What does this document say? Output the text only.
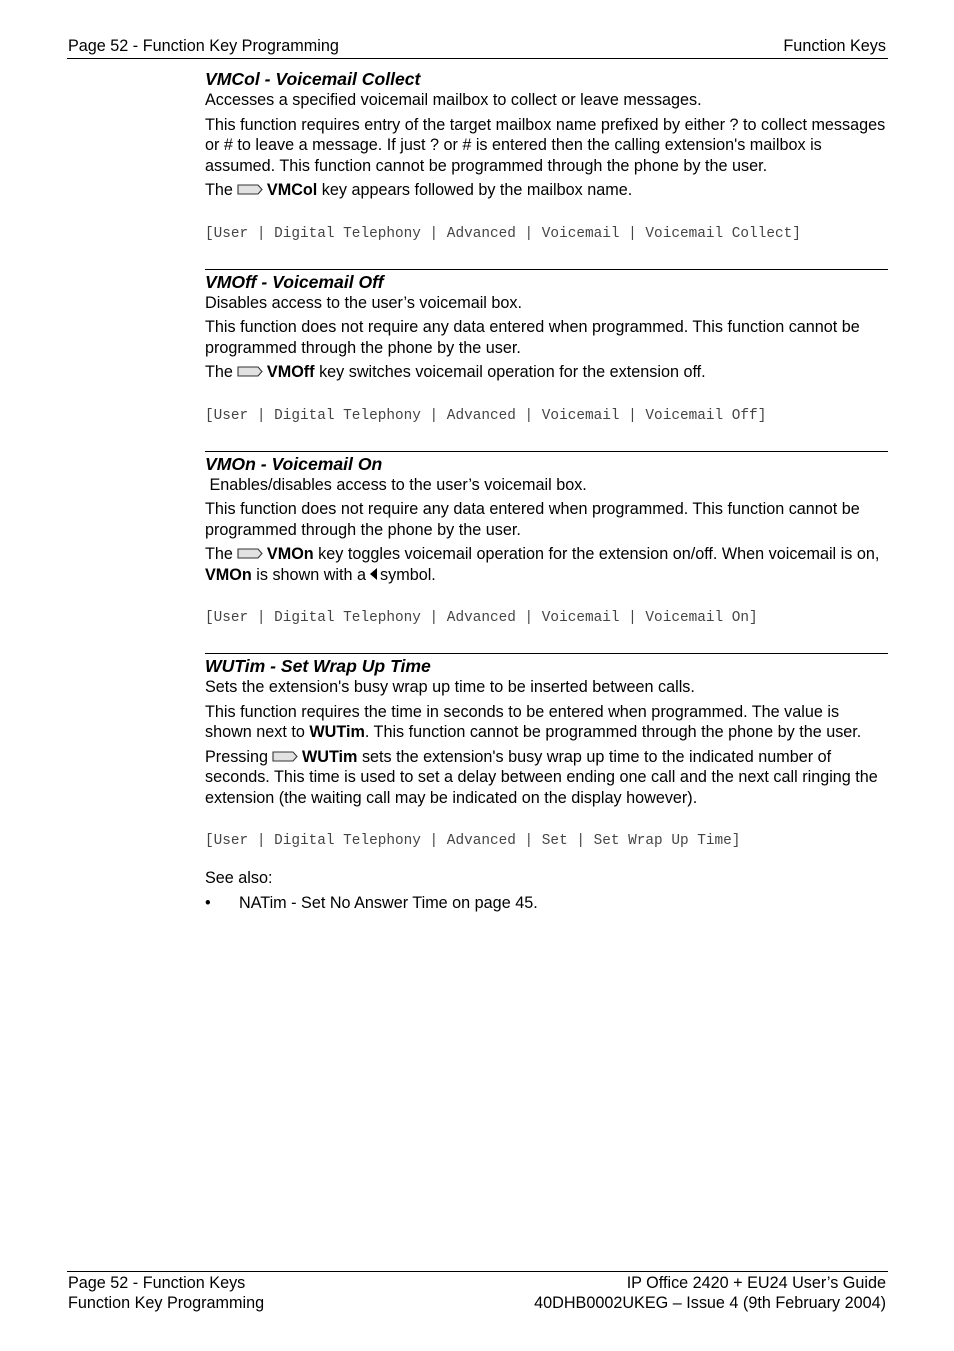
Page 52 - Function Key Programming	Function Keys
VMCol - Voicemail Collect

Accesses a specified voicemail mailbox to collect or leave messages.

This function requires entry of the target mailbox name prefixed by either ? to collect messages or # to leave a message. If just ? or # is entered then the calling extension's mailbox is assumed. This function cannot be programmed through the phone by the user.

The VMCol key appears followed by the mailbox name.

[User | Digital Telephony | Advanced | Voicemail | Voicemail Collect]
VMOff - Voicemail Off

Disables access to the user’s voicemail box.

This function does not require any data entered when programmed. This function cannot be programmed through the phone by the user.

The VMOff key switches voicemail operation for the extension off.

[User | Digital Telephony | Advanced | Voicemail | Voicemail Off]
VMOn - Voicemail On

Enables/disables access to the user’s voicemail box.

This function does not require any data entered when programmed. This function cannot be programmed through the phone by the user.

The VMOn key toggles voicemail operation for the extension on/off. When voicemail is on, VMOn is shown with a symbol.

[User | Digital Telephony | Advanced | Voicemail | Voicemail On]
WUTim - Set Wrap Up Time

Sets the extension's busy wrap up time to be inserted between calls.

This function requires the time in seconds to be entered when programmed. The value is shown next to WUTim. This function cannot be programmed through the phone by the user.

Pressing WUTim sets the extension's busy wrap up time to the indicated number of seconds. This time is used to set a delay between ending one call and the next call ringing the extension (the waiting call may be indicated on the display however).

[User | Digital Telephony | Advanced | Set | Set Wrap Up Time]

See also:

• NATim - Set No Answer Time on page 45.
Page 52 - Function Keys	IP Office 2420 + EU24 User’s Guide
Function Key Programming	40DHB0002UKEG – Issue 4 (9th February 2004)
